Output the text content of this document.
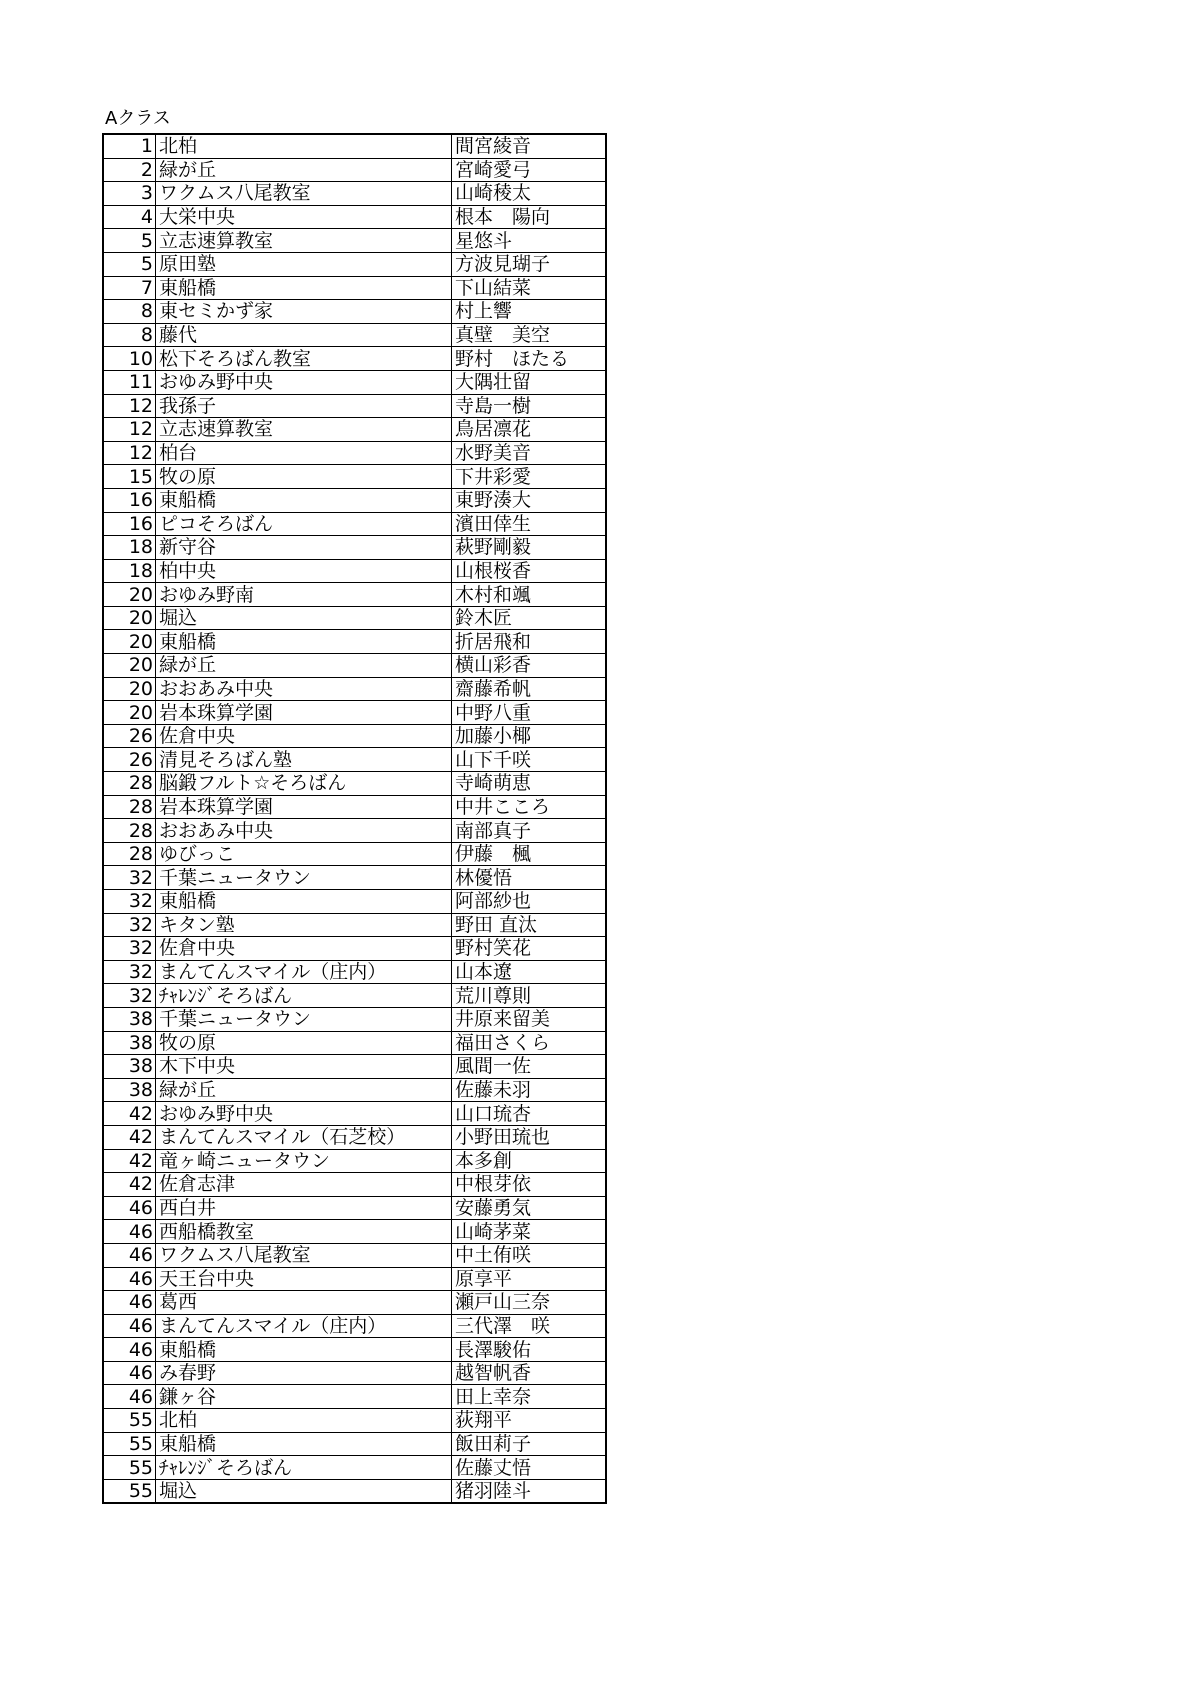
Aクラス
1	北柏	間宮綾音
2	緑が丘	宮崎愛弓
3	ワクムス八尾教室	山崎稜太
4	大栄中央	根本　陽向
5	立志速算教室	星悠斗
5	原田塾	方波見瑚子
7	東船橋	下山結菜
8	東セミかず家	村上響
8	藤代	真壁　美空
10	松下そろばん教室	野村　ほたる
11	おゆみ野中央	大隅壮留
12	我孫子	寺島一樹
12	立志速算教室	鳥居凛花
12	柏台	水野美音
15	牧の原	下井彩愛
16	東船橋	東野湊大
16	ピコそろばん	濱田倖生
18	新守谷	萩野剛毅
18	柏中央	山根桜香
20	おゆみ野南	木村和颯
20	堀込	鈴木匠
20	東船橋	折居飛和
20	緑が丘	横山彩香
20	おおあみ中央	齋藤希帆
20	岩本珠算学園	中野八重
26	佐倉中央	加藤小椰
26	清見そろばん塾	山下千咲
28	脳鍛フルト☆そろばん	寺崎萌恵
28	岩本珠算学園	中井こころ
28	おおあみ中央	南部真子
28	ゆびっこ	伊藤　楓
32	千葉ニュータウン	林優悟
32	東船橋	阿部紗也
32	キタン塾	野田 直汰
32	佐倉中央	野村笑花
32	まんてんスマイル（庄内）	山本遼
32	ﾁｬﾚﾝｼﾞそろばん	荒川尊則
38	千葉ニュータウン	井原来留美
38	牧の原	福田さくら
38	木下中央	風間一佐
38	緑が丘	佐藤未羽
42	おゆみ野中央	山口琉杏
42	まんてんスマイル（石芝校）	小野田琉也
42	竜ヶ崎ニュータウン	本多創
42	佐倉志津	中根芽依
46	西白井	安藤勇気
46	西船橋教室	山崎茅菜
46	ワクムス八尾教室	中土侑咲
46	天王台中央	原享平
46	葛西	瀬戸山三奈
46	まんてんスマイル（庄内）	三代澤　咲
46	東船橋	長澤駿佑
46	み春野	越智帆香
46	鎌ヶ谷	田上幸奈
55	北柏	荻翔平
55	東船橋	飯田莉子
55	ﾁｬﾚﾝｼﾞそろばん	佐藤丈悟
55	堀込	猪羽陸斗
